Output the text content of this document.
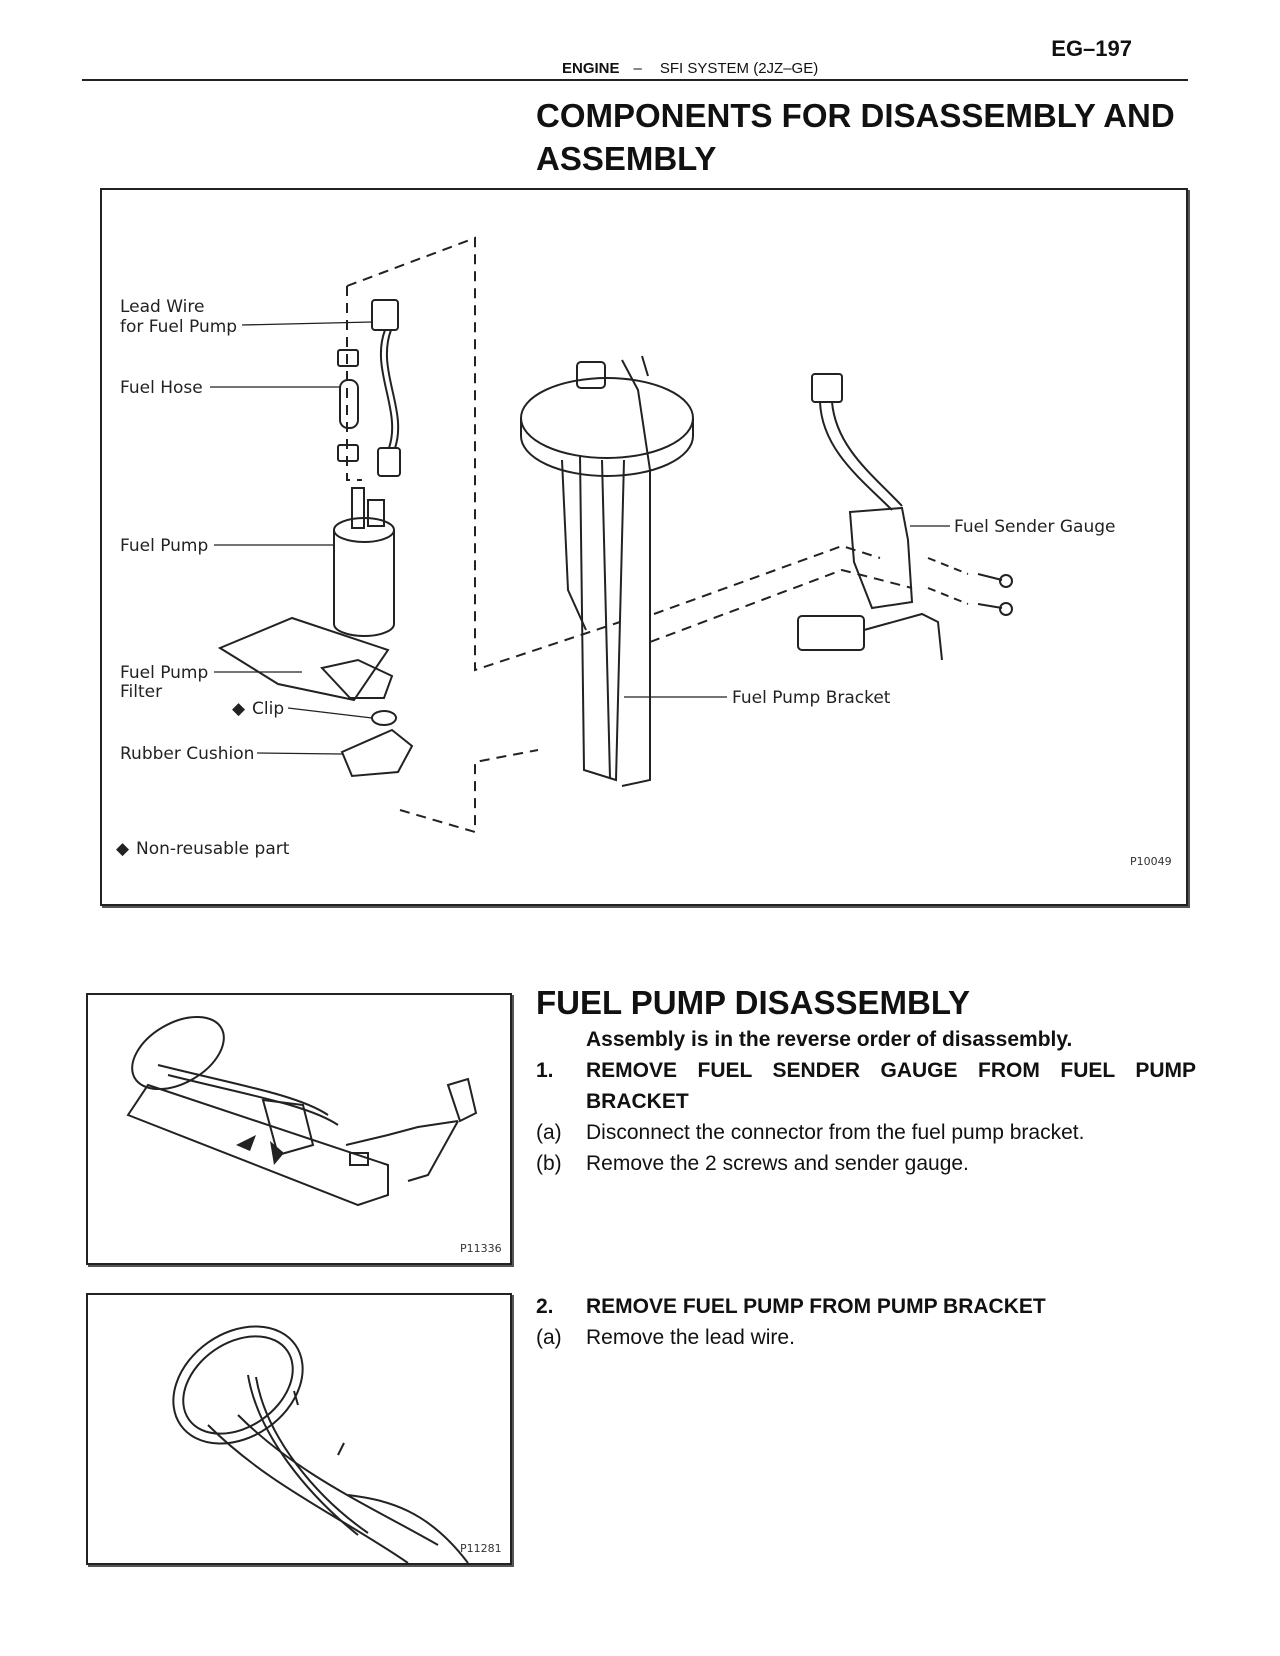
EG–197
ENGINE – SFI SYSTEM (2JZ–GE)
COMPONENTS FOR DISASSEMBLY AND ASSEMBLY
Lead Wire
for Fuel Pump
Fuel Hose
Fuel Pump
Fuel Pump
Filter
◆ Clip
Rubber Cushion
Fuel Pump Bracket
Fuel Sender Gauge
◆ Non-reusable part
P10049
P11336
P11281
FUEL PUMP DISASSEMBLY
Assembly is in the reverse order of disassembly.
1.	REMOVE FUEL SENDER GAUGE FROM FUEL PUMP
BRACKET
(a)	Disconnect the connector from the fuel pump bracket.
(b)	Remove the 2 screws and sender gauge.
2.	REMOVE FUEL PUMP FROM PUMP BRACKET
(a)	Remove the lead wire.
